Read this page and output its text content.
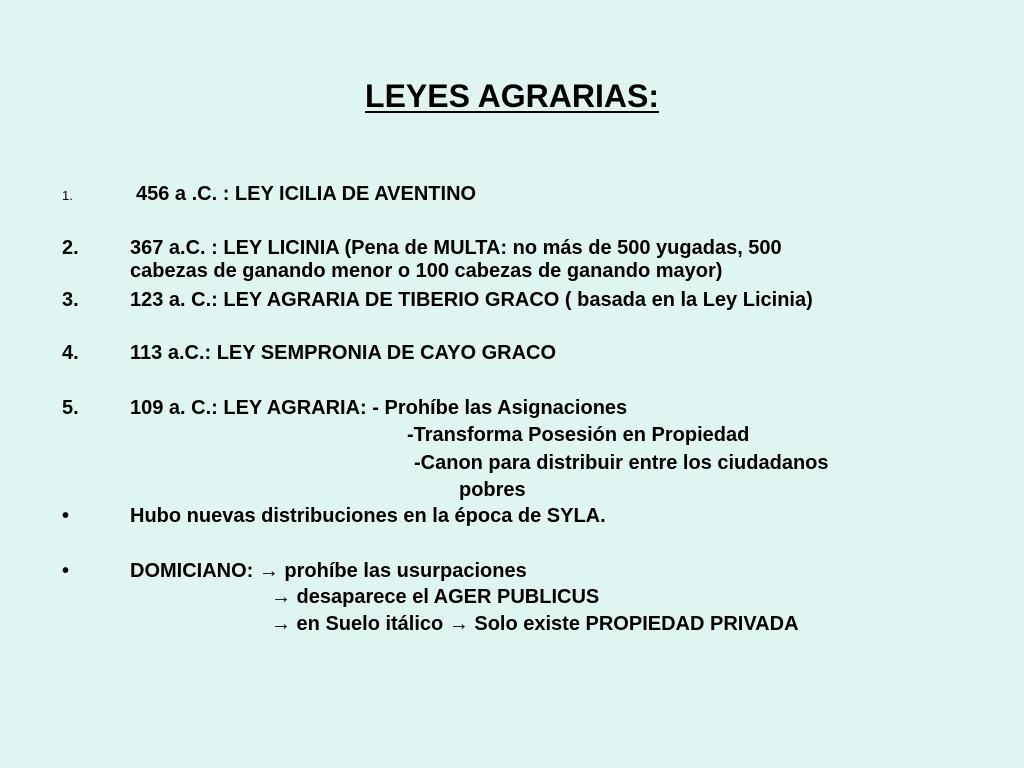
LEYES AGRARIAS:
1.	456 a .C. : LEY ICILIA DE AVENTINO
2.	367 a.C. : LEY LICINIA (Pena de MULTA: no más de 500 yugadas, 500
cabezas de ganando menor o 100 cabezas de ganando mayor)
3.	123 a. C.: LEY AGRARIA DE TIBERIO GRACO ( basada en la Ley Licinia)
4.	113 a.C.: LEY SEMPRONIA DE CAYO GRACO
5.	109 a. C.: LEY AGRARIA: - Prohíbe las Asignaciones
-Transforma Posesión en Propiedad
-Canon para distribuir entre los ciudadanos
pobres
•	Hubo nuevas distribuciones en la época de SYLA.
•	DOMICIANO: → prohíbe las usurpaciones
→ desaparece el AGER PUBLICUS
→ en Suelo itálico → Solo existe PROPIEDAD PRIVADA
